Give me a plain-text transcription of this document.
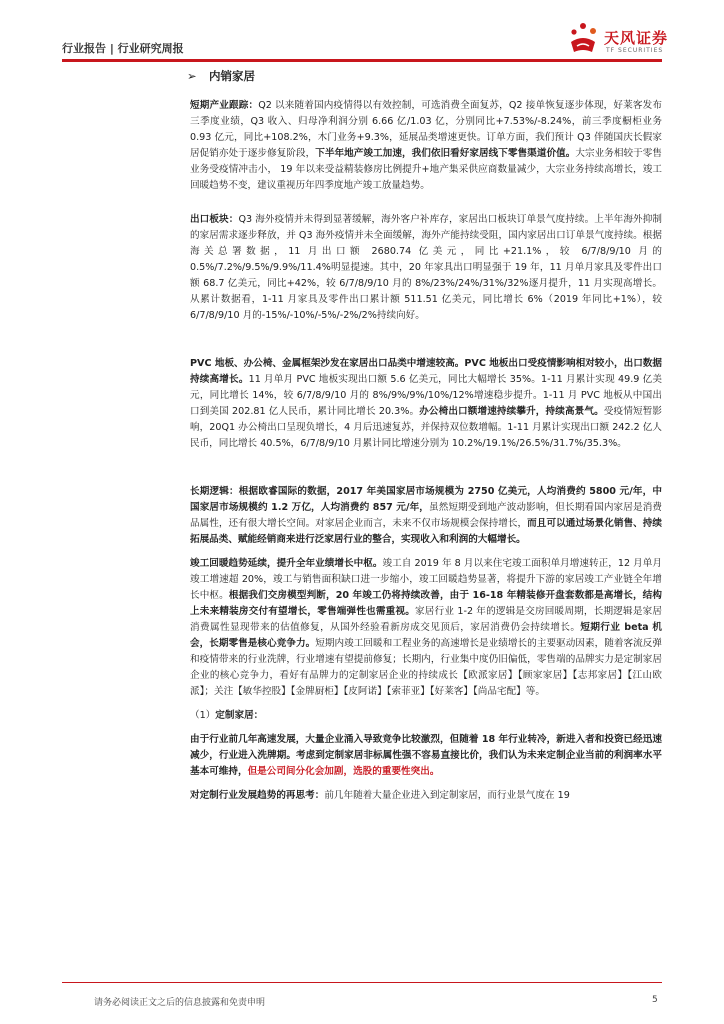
行业报告 | 行业研究周报
天风证券
TF SECURITIES
➢ 内销家居

短期产业跟踪：Q2 以来随着国内疫情得以有效控制，可选消费全面复苏，Q2 接单恢复逐步体现，好莱客发布三季度业绩，Q3 收入、归母净利润分别 6.66 亿/1.03 亿，分别同比+7.53%/-8.24%，前三季度橱柜业务 0.93 亿元，同比+108.2%，木门业务+9.3%，延展品类增速更快。订单方面，我们预计 Q3 伴随国庆长假家居促销亦处于逐步修复阶段，下半年地产竣工加速，我们依旧看好家居线下零售渠道价值。大宗业务相较于零售业务受疫情冲击小， 19 年以来受益精装修房比例提升+地产集采供应商数量减少，大宗业务持续高增长，竣工回暖趋势不变，建议重视历年四季度地产竣工放量趋势。

出口板块：Q3 海外疫情并未得到显著缓解，海外客户补库存，家居出口板块订单景气度持续。上半年海外抑制的家居需求逐步释放，并 Q3 海外疫情并未全面缓解，海外产能持续受阻，国内家居出口订单景气度持续。根据海关总署数据，11 月出口额 2680.74 亿美元，同比+21.1%，较 6/7/8/9/10 月的 0.5%/7.2%/9.5%/9.9%/11.4%明显提速。其中，20 年家具出口明显强于 19 年，11 月单月家具及零件出口额 68.7 亿美元，同比+42%，较 6/7/8/9/10 月的 8%/23%/24%/31%/32%逐月提升，11 月实现高增长。从累计数据看，1-11 月家具及零件出口累计额 511.51 亿美元，同比增长 6%（2019 年同比+1%），较 6/7/8/9/10 月的-15%/-10%/-5%/-2%/2%持续向好。

PVC 地板、办公椅、金属框架沙发在家居出口品类中增速较高。PVC 地板出口受疫情影响相对较小，出口数据持续高增长。11 月单月 PVC 地板实现出口额 5.6 亿美元，同比大幅增长 35%。1-11 月累计实现 49.9 亿美元，同比增长 14%，较 6/7/8/9/10 月的 8%/9%/9%/10%/12%增速稳步提升。1-11 月 PVC 地板从中国出口到美国 202.81 亿人民币，累计同比增长 20.3%。办公椅出口额增速持续攀升，持续高景气。受疫情短暂影响，20Q1 办公椅出口呈现负增长，4 月后迅速复苏，并保持双位数增幅。1-11 月累计实现出口额 242.2 亿人民币，同比增长 40.5%，6/7/8/9/10 月累计同比增速分别为 10.2%/19.1%/26.5%/31.7%/35.3%。

长期逻辑：根据欧睿国际的数据，2017 年美国家居市场规模为 2750 亿美元，人均消费约 5800 元/年，中国家居市场规模约 1.2 万亿，人均消费约 857 元/年，虽然短期受到地产波动影响，但长期看国内家居是消费品属性，还有很大增长空间。对家居企业而言，未来不仅市场规模会保持增长，而且可以通过场景化销售、持续拓展品类、赋能经销商来进行泛家居行业的整合，实现收入和利润的大幅增长。

竣工回暖趋势延续，提升全年业绩增长中枢。竣工自 2019 年 8 月以来住宅竣工面积单月增速转正，12 月单月竣工增速超 20%，竣工与销售面积缺口进一步缩小，竣工回暖趋势显著，将提升下游的家居竣工产业链全年增长中枢。根据我们交房模型判断，20 年竣工仍将持续改善，由于 16-18 年精装修开盘套数都是高增长，结构上未来精装房交付有望增长，零售端弹性也需重视。家居行业 1-2 年的逻辑是交房回暖周期，长期逻辑是家居消费属性显现带来的估值修复，从国外经验看新房成交见顶后，家居消费仍会持续增长。短期行业 beta 机会，长期零售是核心竞争力。短期内竣工回暖和工程业务的高速增长是业绩增长的主要驱动因素，随着客流反弹和疫情带来的行业洗牌，行业增速有望提前修复；长期内，行业集中度仍旧偏低，零售端的品牌实力是定制家居企业的核心竞争力，看好有品牌力的定制家居企业的持续成长【欧派家居】【顾家家居】【志邦家居】【江山欧派】；关注【敏华控股】【金牌厨柜】【皮阿诺】【索菲亚】【好莱客】【尚品宅配】等。

（1）定制家居：

由于行业前几年高速发展，大量企业涌入导致竞争比较激烈，但随着 18 年行业转冷，新进入者和投资已经迅速减少，行业进入洗牌期。考虑到定制家居非标属性强不容易直接比价，我们认为未来定制企业当前的利润率水平基本可维持，但是公司间分化会加剧，选股的重要性突出。

对定制行业发展趋势的再思考：前几年随着大量企业进入到定制家居，而行业景气度在 19

请务必阅读正文之后的信息披露和免责申明	5
